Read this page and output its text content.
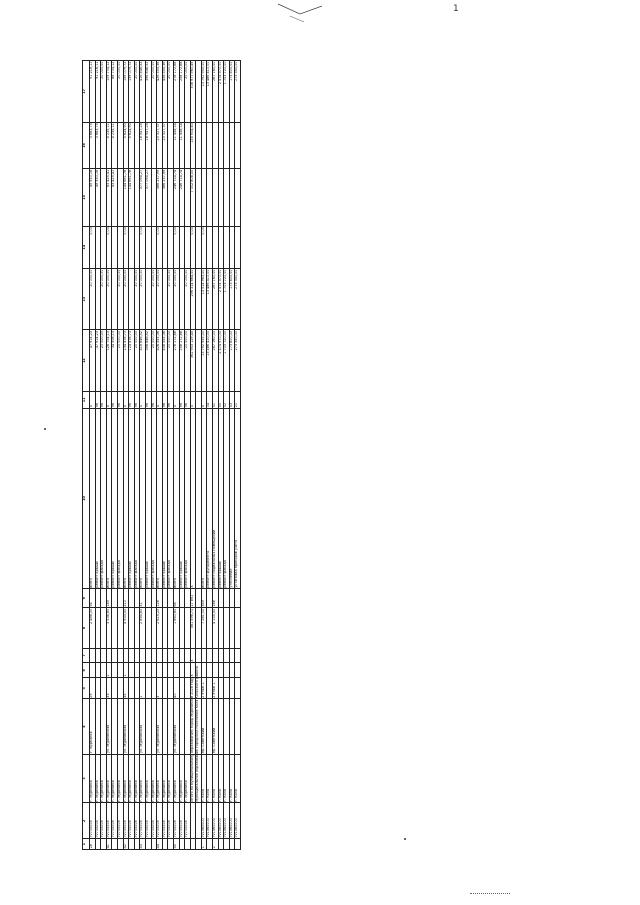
1
1	2	3	4	5	6	7	8	9	10	11	12	13	14	15	16	17
28	7V705008	г. Мурманск	г. Мурманск	29			2 466,00	94	всего	X	47 914,23	20 000,00	0,00	49 930,18	3 663,75	91 216,11
	7V705008	г. Мурманск							ремонт крыши	96	47 914,23			49 930,18	3 663,75	91 216,11
	7V705008	г. Мурманск							ремонт фасада	96	20 000,00	20 000,00				20 000,00
41	7V705008	г. Мурманск	ул. Мурманская	33	1		3 536,80	149	всего	X	126 704,13	20 000,00	0,00	63 425,41	4 235,11	109 704,12
	7V705008	г. Мурманск							ремонт крыши	96	34 508,13			43 425,41	4 235,11	88 704,12
	7V705008	г. Мурманск							ремонт фасада	96	20 000,00	20 000,00				20 000,00
42	7V705008	г. Мурманск	ул. Мурманская	35	1		4 933,50	210	всего	X	134 478,73	20 000,00	0,00	144 691,78	5 624,90	159 079,72
	7V705008	г. Мурманск							ремонт крыши	96	124 478,73			144 691,78	5 624,90	139 079,72
	7V705008	г. Мурманск							ремонт фасада	96	20 000,00	20 000,00				20 000,00
43	7V705008	г. Мурманск	ул. Мурманская	1			2 894,60	51	всего	X	416 846,52	20 000,00	0,00	377 094,27	18 947,25	416 846,52
	7V705008	г. Мурманск							ремонт крыши	96	396 846,52			377 094,27	18 947,25	396 846,52
	7V705008	г. Мурманск							ремонт фасада	96	20 000,00	20 000,00				20 000,00
44	7V705008	г. Мурманск	ул. Мурманская	3			2 615,20	128	всего	X	426 555,36	20 000,00	0,00	386 237,99	20 327,37	426 555,36
	7V705008	г. Мурманск							ремонт крыши	96	406 555,36			386 237,99	20 327,37	406 555,36
	7V705008	г. Мурманск							ремонт фасада	96	20 000,00	20 000,00				20 000,00
45	7V705008	г. Мурманск	ул. Мурманская	40			1 860,60	68	всего	X	278 172,88	20 000,00	0,00	246 714,74	11 458,14	278 172,88
	7V705008	г. Мурманск							ремонт крыши	96	258 172,88			246 714,74	11 458,14	258 172,88
	7V705008	г. Мурманск							ремонт фасада	96	20 000,00	20 000,00				20 000,00
		Итого по муниципальному образованию город Мурманск в 2028 году			X	X	561 596,71	17 891	X	X	362 953 129,45	296 314 664,00	0,00	7 002 808,00	155 904,40	308 977 960,49
		Муниципальное образование городское поселение Кола Кольского района														
1	7V1560000	г. Кола	пр. Советский	2 этаж 1			7 281,00	359	всего	X	13 792 955,00	13 514 963,00	0,00			13 792 955,00
	7V1560000	г. Кола							ремонт фундамента	04	13 486 410,00	13 486 410,00				13 486 410,00
2	7V1560000	г. Кола	пр. Советский	2 этаж 1			4 155,50	188	ремонт подвальных помещений	51	267 160,00	267 160,00				267 160,00
	7V1560000	г. Кола							ремонт крыши	50	2 474 970,00	2 474 970,00				2 474 970,00
	7V1560000	г. Кола							ремонт фасада	52	1 703 720,00	1 703 720,00				1 703 720,00
	7V1560000	г. Кола							утепление	53	173 800,00	173 800,00				173 800,00
	7V1560000	г. Кола							установка приборов учета	21	273 350,00	273 350,00				273 350,00
